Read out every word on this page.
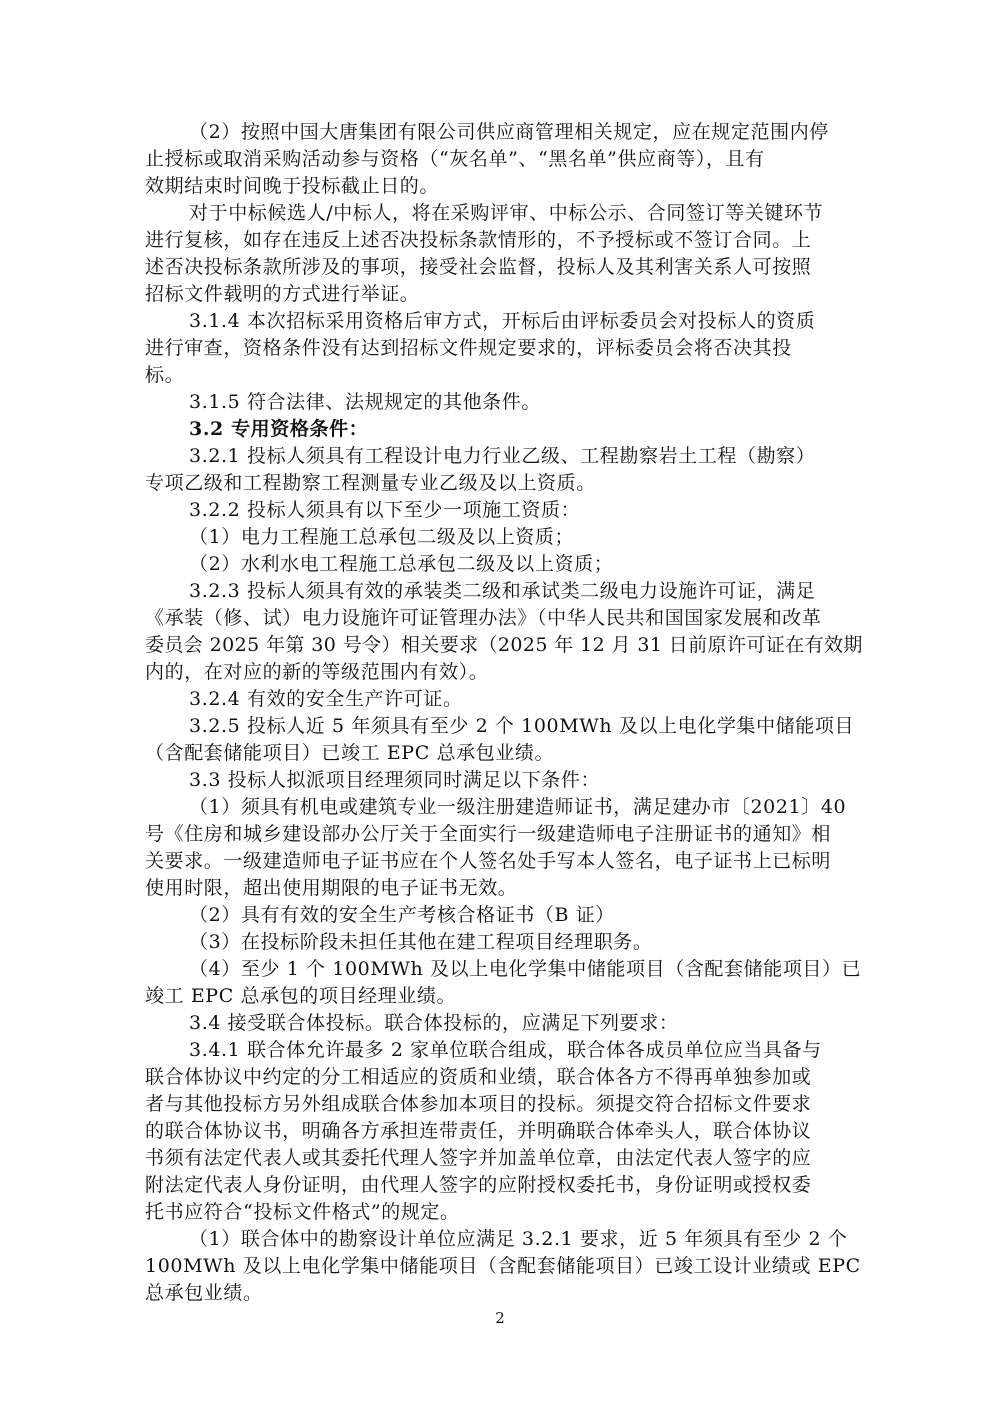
（2）按照中国大唐集团有限公司供应商管理相关规定，应在规定范围内停
止授标或取消采购活动参与资格（“灰名单”、“黑名单”供应商等），且有
效期结束时间晚于投标截止日的。
对于中标候选人/中标人，将在采购评审、中标公示、合同签订等关键环节
进行复核，如存在违反上述否决投标条款情形的，不予授标或不签订合同。上
述否决投标条款所涉及的事项，接受社会监督，投标人及其利害关系人可按照
招标文件载明的方式进行举证。
3.1.4 本次招标采用资格后审方式，开标后由评标委员会对投标人的资质
进行审查，资格条件没有达到招标文件规定要求的，评标委员会将否决其投
标。
3.1.5 符合法律、法规规定的其他条件。
3.2 专用资格条件：
3.2.1 投标人须具有工程设计电力行业乙级、工程勘察岩土工程（勘察）
专项乙级和工程勘察工程测量专业乙级及以上资质。
3.2.2 投标人须具有以下至少一项施工资质：
（1）电力工程施工总承包二级及以上资质；
（2）水利水电工程施工总承包二级及以上资质；
3.2.3 投标人须具有效的承装类二级和承试类二级电力设施许可证，满足
《承装（修、试）电力设施许可证管理办法》（中华人民共和国国家发展和改革
委员会 2025 年第 30 号令）相关要求（2025 年 12 月 31 日前原许可证在有效期
内的，在对应的新的等级范围内有效）。
3.2.4 有效的安全生产许可证。
3.2.5 投标人近 5 年须具有至少 2 个 100MWh 及以上电化学集中储能项目
（含配套储能项目）已竣工 EPC 总承包业绩。
3.3 投标人拟派项目经理须同时满足以下条件：
（1）须具有机电或建筑专业一级注册建造师证书，满足建办市〔2021〕40
号《住房和城乡建设部办公厅关于全面实行一级建造师电子注册证书的通知》相
关要求。一级建造师电子证书应在个人签名处手写本人签名，电子证书上已标明
使用时限，超出使用期限的电子证书无效。
（2）具有有效的安全生产考核合格证书（B 证）
（3）在投标阶段未担任其他在建工程项目经理职务。
（4）至少 1 个 100MWh 及以上电化学集中储能项目（含配套储能项目）已
竣工 EPC 总承包的项目经理业绩。
3.4 接受联合体投标。联合体投标的，应满足下列要求：
3.4.1 联合体允许最多 2 家单位联合组成，联合体各成员单位应当具备与
联合体协议中约定的分工相适应的资质和业绩，联合体各方不得再单独参加或
者与其他投标方另外组成联合体参加本项目的投标。须提交符合招标文件要求
的联合体协议书，明确各方承担连带责任，并明确联合体牵头人，联合体协议
书须有法定代表人或其委托代理人签字并加盖单位章，由法定代表人签字的应
附法定代表人身份证明，由代理人签字的应附授权委托书，身份证明或授权委
托书应符合“投标文件格式”的规定。
（1）联合体中的勘察设计单位应满足 3.2.1 要求，近 5 年须具有至少 2 个
100MWh 及以上电化学集中储能项目（含配套储能项目）已竣工设计业绩或 EPC
总承包业绩。
2
